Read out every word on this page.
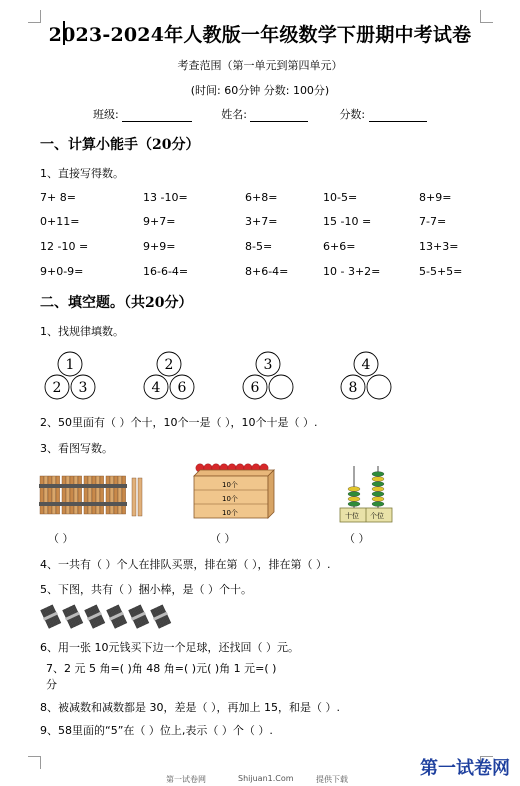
2023-2024年人教版一年级数学下册期中考试卷
考查范围（第一单元到第四单元）
(时间: 60分钟 分数: 100分)
班级:	姓名:	分数:
一、计算小能手（20分）
1、直接写得数。
7+ 8=	13 -10=	6+8=	10-5=	8+9=
0+11=	9+7=	3+7=	15 -10 =	7-7=
12 -10 =	9+9=	8-5=	6+6=	13+3=
9+0-9=	16-6-4=	8+6-4=	10 - 3+2=	5-5+5=
二、填空题。（共20分）
1、找规律填数。
1
2 3
2
4 6
3
6
4
8
2、50里面有（ ）个十，10个一是（ ），10个十是（ ）.
3、看图写数。
10个
10个
10个	十位 个位
（ ）	（ ）	（ ）
4、一共有（ ）个人在排队买票，排在第（ ），排在第（ ）.
5、下图，共有（ ）捆小棒，是（ ）个十。
6、用一张 10元钱买下边一个足球，还找回（ ）元。
7、2 元 5 角=( )角 48 角=( )元( )角 1 元=( )
分
8、被减数和减数都是 30，差是（ ），再加上 15，和是（ ）.
9、58里面的“5”在（ ）位上,表示（ ）个（ ）.
第一试卷网	Shijuan1.Com	提供下载
第一试卷网
